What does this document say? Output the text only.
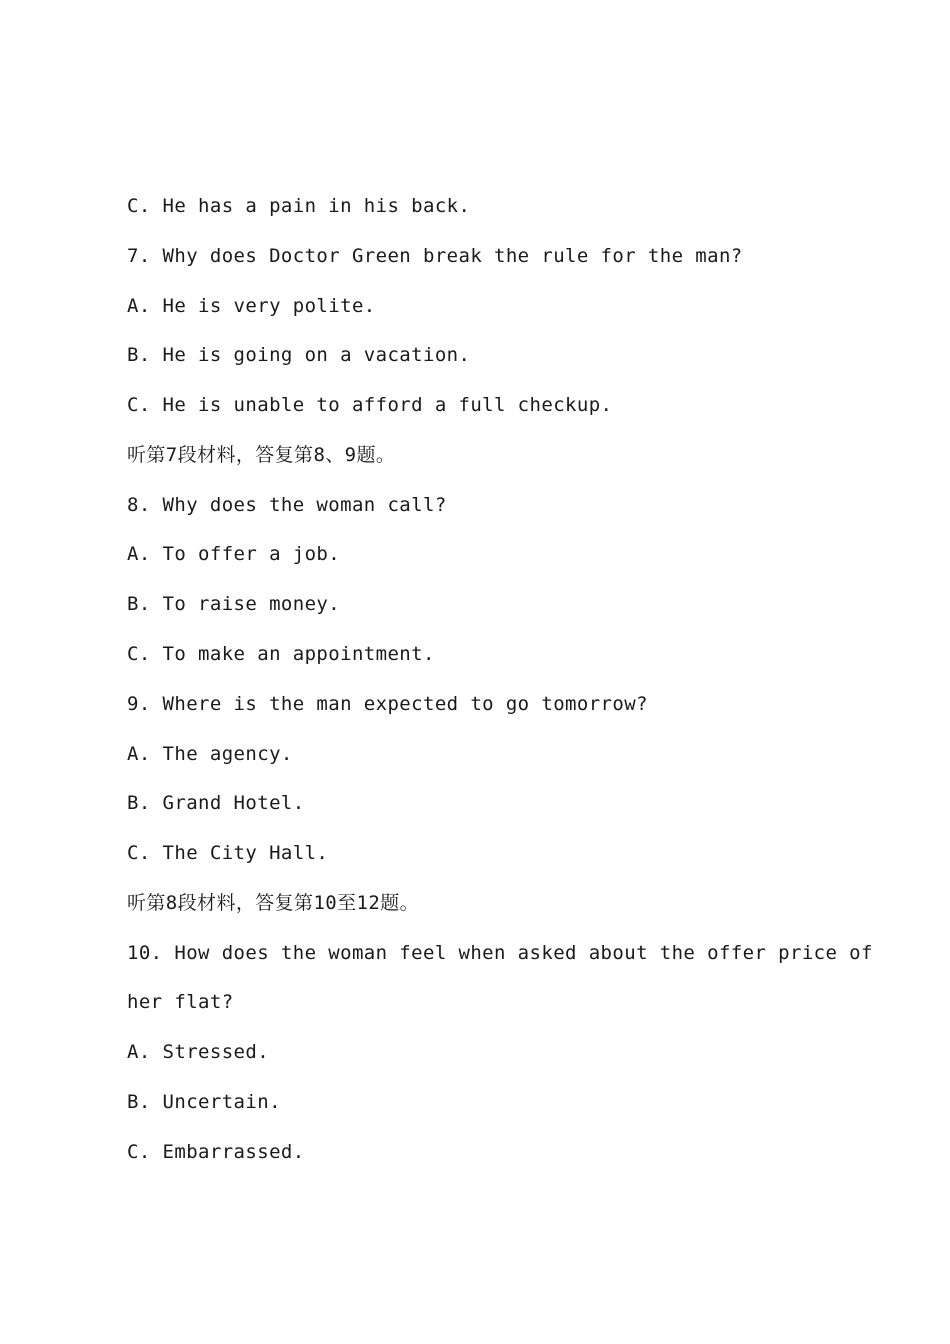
C. He has a pain in his back.

7. Why does Doctor Green break the rule for the man?

A. He is very polite.

B. He is going on a vacation.

C. He is unable to afford a full checkup.

听第7段材料，答复第8、9题。

8. Why does the woman call?

A. To offer a job.

B. To raise money.

C. To make an appointment.

9. Where is the man expected to go tomorrow?

A. The agency.

B. Grand Hotel.

C. The City Hall.

听第8段材料，答复第10至12题。

10. How does the woman feel when asked about the offer price of

her flat?

A. Stressed.

B. Uncertain.

C. Embarrassed.
